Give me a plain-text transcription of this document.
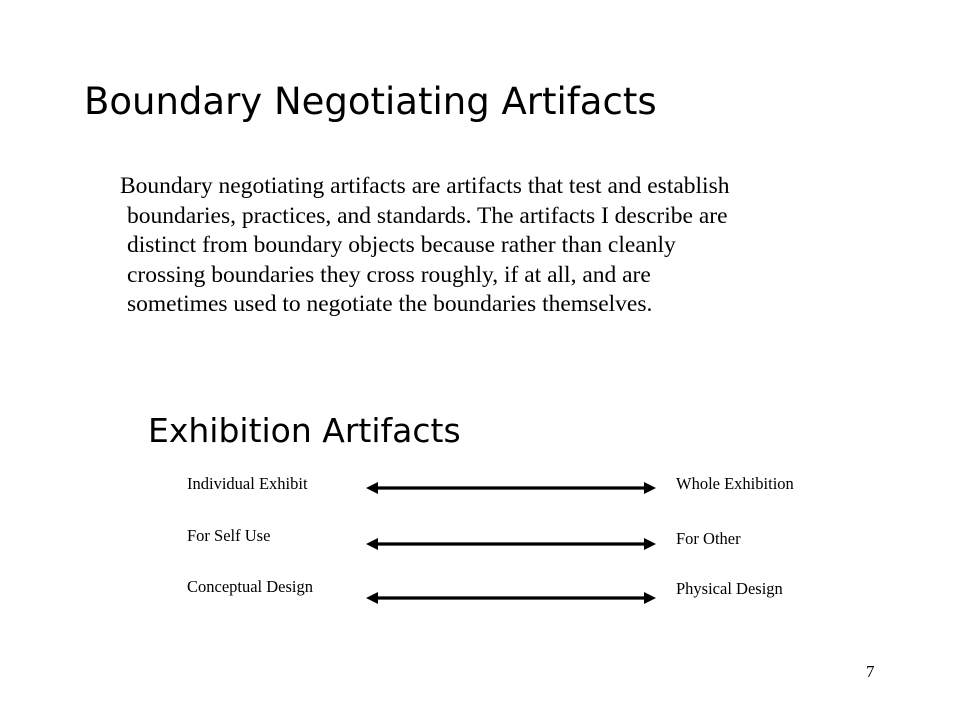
Boundary Negotiating Artifacts

Boundary negotiating artifacts are artifacts that test and establish
boundaries, practices, and standards. The artifacts I describe are
distinct from boundary objects because rather than cleanly
crossing boundaries they cross roughly, if at all, and are
sometimes used to negotiate the boundaries themselves.

Exhibition Artifacts
Individual Exhibit	Whole Exhibition
For Self Use	For Other
Conceptual Design	Physical Design
7
